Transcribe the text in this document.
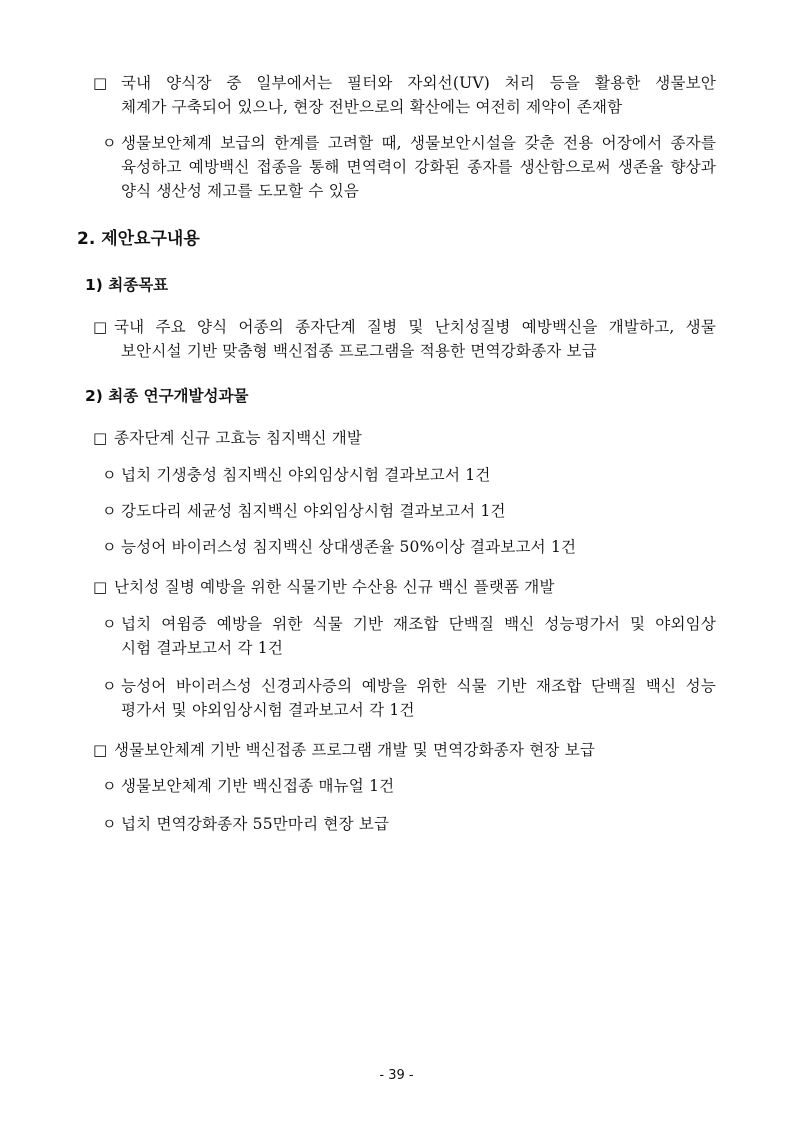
□ 국내 양식장 중 일부에서는 필터와 자외선(UV) 처리 등을 활용한 생물보안
체계가 구축되어 있으나, 현장 전반으로의 확산에는 여전히 제약이 존재함
ㅇ 생물보안체계 보급의 한계를 고려할 때, 생물보안시설을 갖춘 전용 어장에서 종자를
육성하고 예방백신 접종을 통해 면역력이 강화된 종자를 생산함으로써 생존율 향상과
양식 생산성 제고를 도모할 수 있음
2. 제안요구내용
1) 최종목표
□ 국내 주요 양식 어종의 종자단계 질병 및 난치성질병 예방백신을 개발하고, 생물
보안시설 기반 맞춤형 백신접종 프로그램을 적용한 면역강화종자 보급
2) 최종 연구개발성과물
□ 종자단계 신규 고효능 침지백신 개발
ㅇ 넙치 기생충성 침지백신 야외임상시험 결과보고서 1건
ㅇ 강도다리 세균성 침지백신 야외임상시험 결과보고서 1건
ㅇ 능성어 바이러스성 침지백신 상대생존율 50%이상 결과보고서 1건
□ 난치성 질병 예방을 위한 식물기반 수산용 신규 백신 플랫폼 개발
ㅇ 넙치 여윔증 예방을 위한 식물 기반 재조합 단백질 백신 성능평가서 및 야외임상
시험 결과보고서 각 1건
ㅇ 능성어 바이러스성 신경괴사증의 예방을 위한 식물 기반 재조합 단백질 백신 성능
평가서 및 야외임상시험 결과보고서 각 1건
□ 생물보안체계 기반 백신접종 프로그램 개발 및 면역강화종자 현장 보급
ㅇ 생물보안체계 기반 백신접종 매뉴얼 1건
ㅇ 넙치 면역강화종자 55만마리 현장 보급
- 39 -
